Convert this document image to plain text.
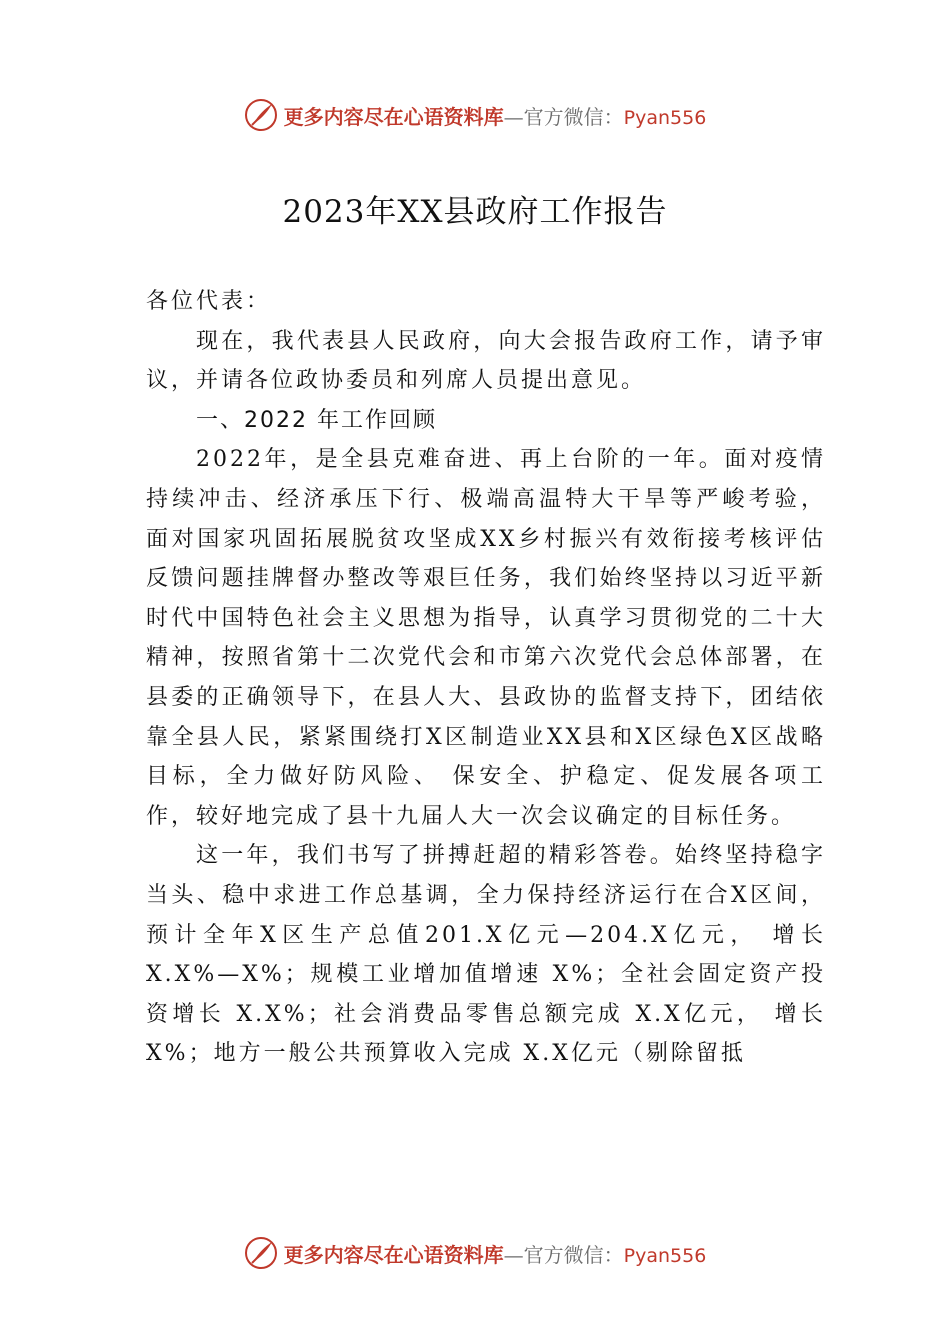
更多内容尽在心语资料库—官方微信：Pyan556
2023年XX县政府工作报告

各位代表：

现在，我代表县人民政府，向大会报告政府工作，请予审议，并请各位政协委员和列席人员提出意见。

一、2022 年工作回顾

2022年，是全县克难奋进、再上台阶的一年。面对疫情持续冲击、经济承压下行、极端高温特大干旱等严峻考验， 面对国家巩固拓展脱贫攻坚成XX乡村振兴有效衔接考核评估反馈问题挂牌督办整改等艰巨任务，我们始终坚持以习近平新时代中国特色社会主义思想为指导，认真学习贯彻党的二十大精神，按照省第十二次党代会和市第六次党代会总体部署，在县委的正确领导下，在县人大、县政协的监督支持下，团结依靠全县人民，紧紧围绕打X区制造业XX县和X区绿色X区战略目标，全力做好防风险、 保安全、护稳定、促发展各项工作，较好地完成了县十九届人大一次会议确定的目标任务。

这一年，我们书写了拼搏赶超的精彩答卷。始终坚持稳字当头、稳中求进工作总基调，全力保持经济运行在合X区间，预计全年X区生产总值201.X亿元—204.X亿元， 增长X.X%—X%；规模工业增加值增速 X%；全社会固定资产投资增长 X.X%；社会消费品零售总额完成 X.X亿元， 增长X%；地方一般公共预算收入完成 X.X亿元（剔除留抵

更多内容尽在心语资料库—官方微信：Pyan556
